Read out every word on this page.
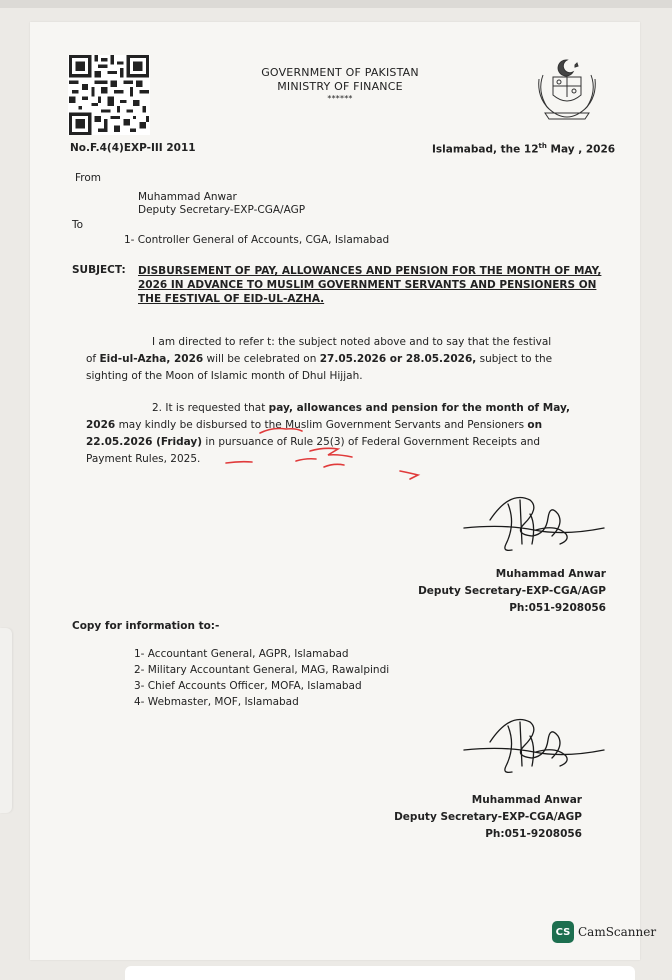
GOVERNMENT OF PAKISTAN
MINISTRY OF FINANCE
******
No.F.4(4)EXP-III 2011	Islamabad, the 12th May , 2026
From
Muhammad Anwar
Deputy Secretary-EXP-CGA/AGP
To
1- Controller General of Accounts, CGA, Islamabad
SUBJECT: DISBURSEMENT OF PAY, ALLOWANCES AND PENSION FOR THE MONTH OF MAY,
2026 IN ADVANCE TO MUSLIM GOVERNMENT SERVANTS AND PENSIONERS ON
THE FESTIVAL OF EID-UL-AZHA.
I am directed to refer t: the subject noted above and to say that the festival
of Eid-ul-Azha, 2026 will be celebrated on 27.05.2026 or 28.05.2026, subject to the
sighting of the Moon of Islamic month of Dhul Hijjah.
2. It is requested that pay, allowances and pension for the month of May,
2026 may kindly be disbursed to the Muslim Government Servants and Pensioners on
22.05.2026 (Friday) in pursuance of Rule 25(3) of Federal Government Receipts and
Payment Rules, 2025.
Muhammad Anwar
Deputy Secretary-EXP-CGA/AGP
Ph:051-9208056
Copy for information to:-
1- Accountant General, AGPR, Islamabad
2- Military Accountant General, MAG, Rawalpindi
3- Chief Accounts Officer, MOFA, Islamabad
4- Webmaster, MOF, Islamabad
Muhammad Anwar
Deputy Secretary-EXP-CGA/AGP
Ph:051-9208056
CS CamScanner
